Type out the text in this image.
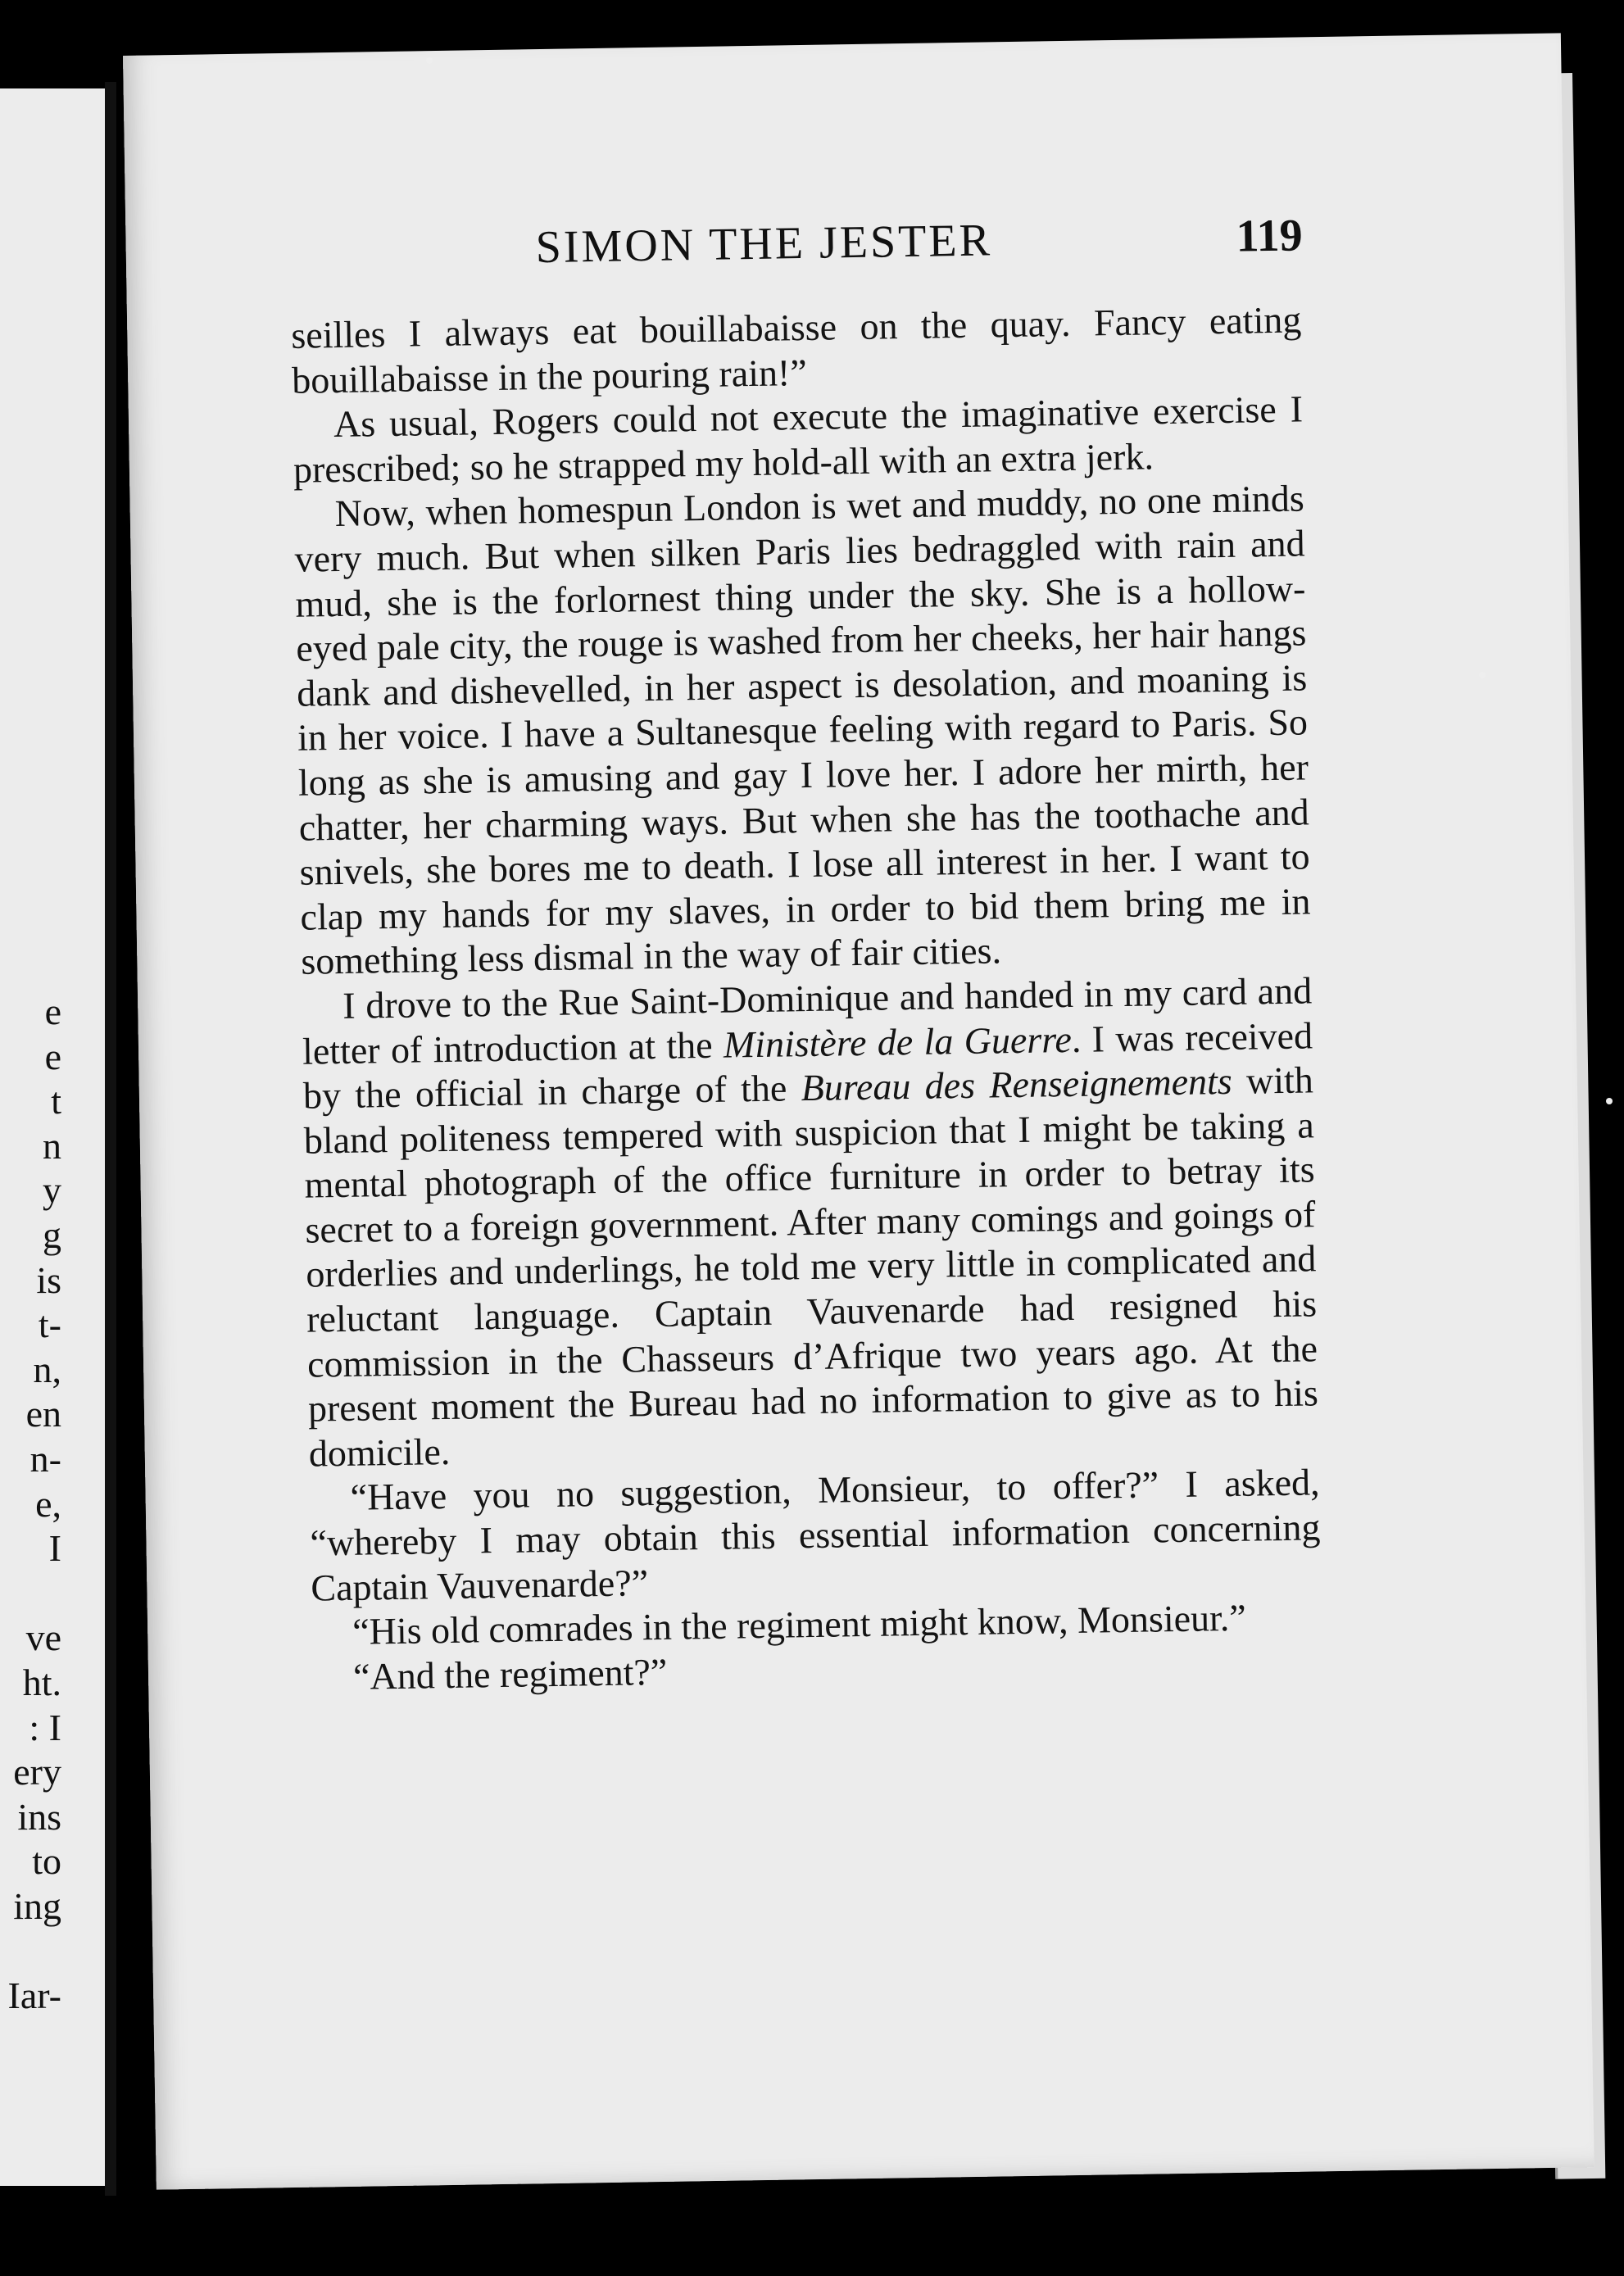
e
e
t
n
y
g
is
t-
n,
en
n-
e,
I
ve
ht.
: I
ery
ins
to
ing
Iar-
SIMON THE JESTER	119

seilles I always eat bouillabaisse on the quay. Fancy eating bouillabaisse in the pouring rain!”

As usual, Rogers could not execute the imaginative exercise I prescribed; so he strapped my hold-all with an extra jerk.

Now, when homespun London is wet and muddy, no one minds very much. But when silken Paris lies bedraggled with rain and mud, she is the forlornest thing under the sky. She is a hollow-eyed pale city, the rouge is washed from her cheeks, her hair hangs dank and dishevelled, in her aspect is desolation, and moaning is in her voice. I have a Sultanesque feeling with regard to Paris. So long as she is amusing and gay I love her. I adore her mirth, her chatter, her charming ways. But when she has the toothache and snivels, she bores me to death. I lose all interest in her. I want to clap my hands for my slaves, in order to bid them bring me in something less dismal in the way of fair cities.

I drove to the Rue Saint-Dominique and handed in my card and letter of introduction at the Ministère de la Guerre. I was received by the official in charge of the Bureau des Renseignements with bland politeness tempered with suspicion that I might be taking a mental photograph of the office furniture in order to betray its secret to a foreign government. After many comings and goings of orderlies and underlings, he told me very little in complicated and reluctant language. Captain Vauvenarde had resigned his commission in the Chasseurs d’Afrique two years ago. At the present moment the Bureau had no information to give as to his domicile.

“Have you no suggestion, Monsieur, to offer?” I asked, “whereby I may obtain this essential information concerning Captain Vauvenarde?”

“His old comrades in the regiment might know, Monsieur.”

“And the regiment?”
